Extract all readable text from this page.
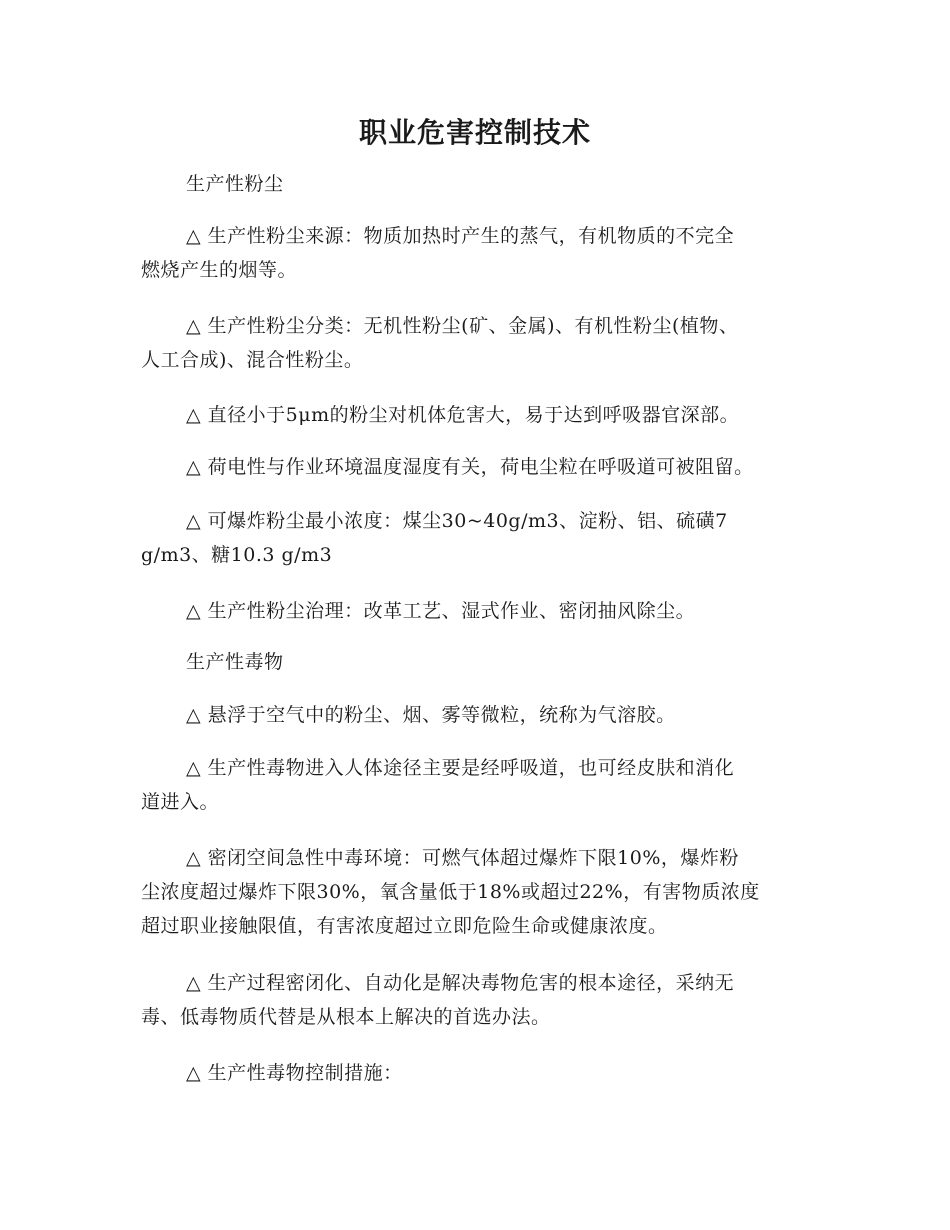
职业危害控制技术

生产性粉尘

△ 生产性粉尘来源：物质加热时产生的蒸气，有机物质的不完全
燃烧产生的烟等。

△ 生产性粉尘分类：无机性粉尘(矿、金属)、有机性粉尘(植物、
人工合成)、混合性粉尘。

△ 直径小于5μm的粉尘对机体危害大，易于达到呼吸器官深部。

△ 荷电性与作业环境温度湿度有关，荷电尘粒在呼吸道可被阻留。

△ 可爆炸粉尘最小浓度：煤尘30~40g/m3、淀粉、铝、硫磺7
g/m3、糖10.3 g/m3

△ 生产性粉尘治理：改革工艺、湿式作业、密闭抽风除尘。

生产性毒物

△ 悬浮于空气中的粉尘、烟、雾等微粒，统称为气溶胶。

△ 生产性毒物进入人体途径主要是经呼吸道，也可经皮肤和消化
道进入。

△ 密闭空间急性中毒环境：可燃气体超过爆炸下限10%，爆炸粉
尘浓度超过爆炸下限30%，氧含量低于18%或超过22%，有害物质浓度
超过职业接触限值，有害浓度超过立即危险生命或健康浓度。

△ 生产过程密闭化、自动化是解决毒物危害的根本途径，采纳无
毒、低毒物质代替是从根本上解决的首选办法。

△ 生产性毒物控制措施：
